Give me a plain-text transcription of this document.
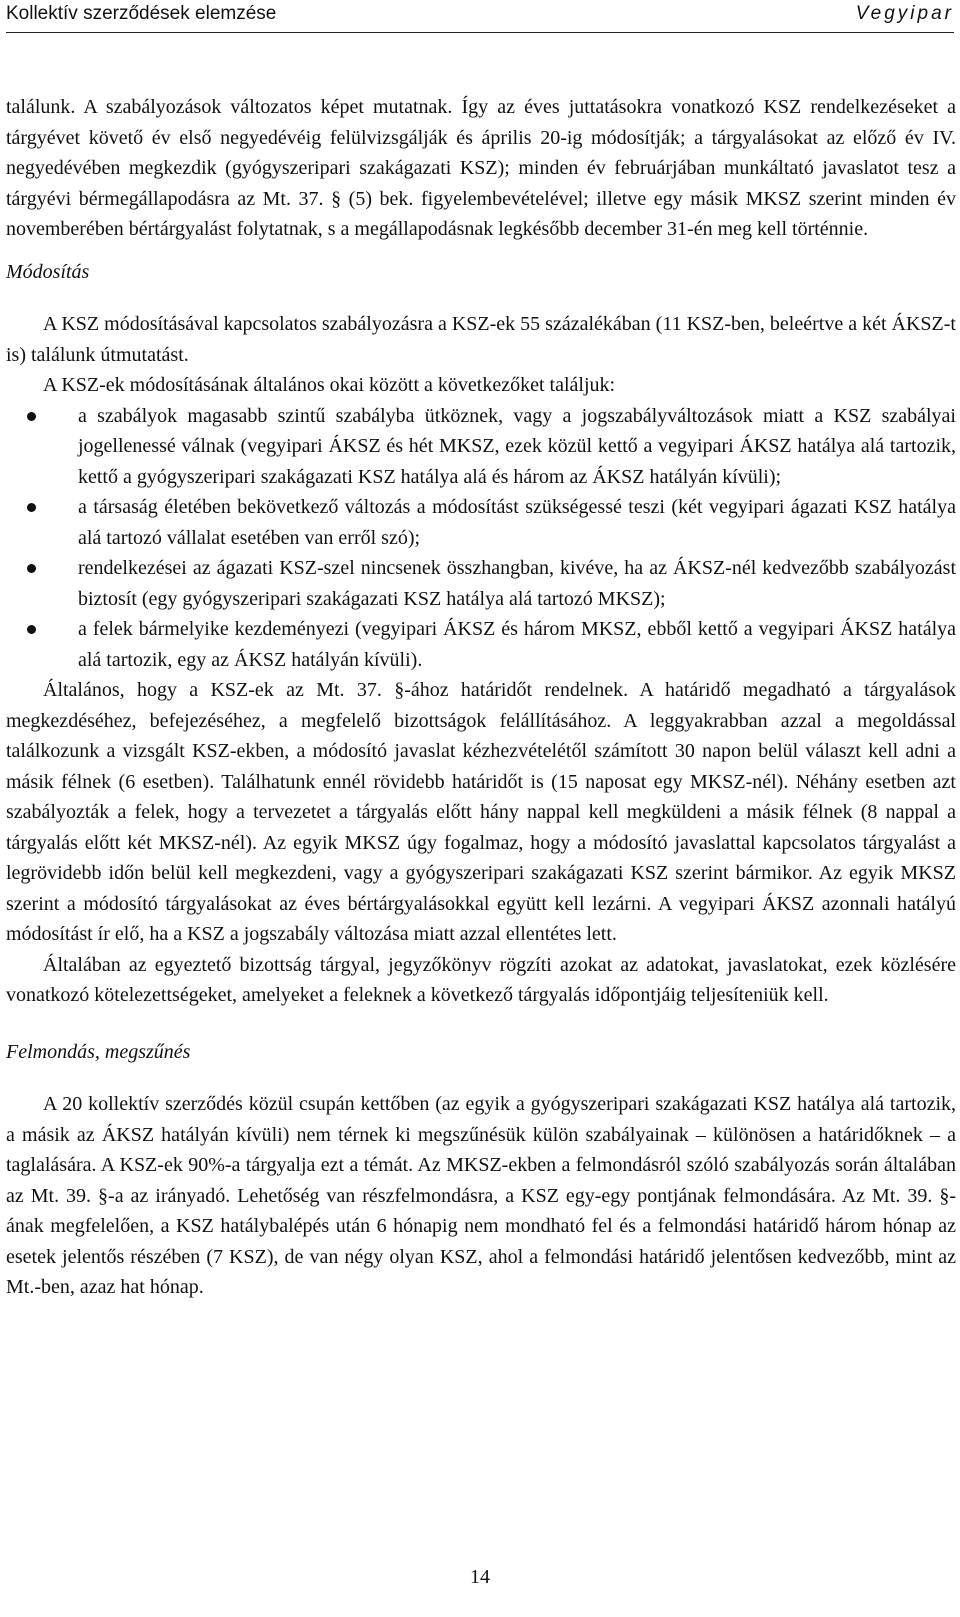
Kollektív szerződések elemzése	Vegyipar

találunk. A szabályozások változatos képet mutatnak. Így az éves juttatásokra vonatkozó KSZ rendelkezéseket a tárgyévet követő év első negyedévéig felülvizsgálják és április 20-ig módosítják; a tárgyalásokat az előző év IV. negyedévében megkezdik (gyógyszeripari szakágazati KSZ); minden év februárjában munkáltató javaslatot tesz a tárgyévi bérmegállapodásra az Mt. 37. § (5) bek. figyelembevételével; illetve egy másik MKSZ szerint minden év novemberében bértárgyalást folytatnak, s a megállapodásnak legkésőbb december 31-én meg kell történnie.

Módosítás

A KSZ módosításával kapcsolatos szabályozásra a KSZ-ek 55 százalékában (11 KSZ-ben, beleértve a két ÁKSZ-t is) találunk útmutatást.

A KSZ-ek módosításának általános okai között a következőket találjuk:

a szabályok magasabb szintű szabályba ütköznek, vagy a jogszabályváltozások miatt a KSZ szabályai jogellenessé válnak (vegyipari ÁKSZ és hét MKSZ, ezek közül kettő a vegyipari ÁKSZ hatálya alá tartozik, kettő a gyógyszeripari szakágazati KSZ hatálya alá és három az ÁKSZ hatályán kívüli);
a társaság életében bekövetkező változás a módosítást szükségessé teszi (két vegyipari ágazati KSZ hatálya alá tartozó vállalat esetében van erről szó);
rendelkezései az ágazati KSZ-szel nincsenek összhangban, kivéve, ha az ÁKSZ-nél kedvezőbb szabályozást biztosít (egy gyógyszeripari szakágazati KSZ hatálya alá tartozó MKSZ);
a felek bármelyike kezdeményezi (vegyipari ÁKSZ és három MKSZ, ebből kettő a vegyipari ÁKSZ hatálya alá tartozik, egy az ÁKSZ hatályán kívüli).

Általános, hogy a KSZ-ek az Mt. 37. §-ához határidőt rendelnek. A határidő megadható a tárgyalások megkezdéséhez, befejezéséhez, a megfelelő bizottságok felállításához. A leggyakrabban azzal a megoldással találkozunk a vizsgált KSZ-ekben, a módosító javaslat kézhezvételétől számított 30 napon belül választ kell adni a másik félnek (6 esetben). Találhatunk ennél rövidebb határidőt is (15 naposat egy MKSZ-nél). Néhány esetben azt szabályozták a felek, hogy a tervezetet a tárgyalás előtt hány nappal kell megküldeni a másik félnek (8 nappal a tárgyalás előtt két MKSZ-nél). Az egyik MKSZ úgy fogalmaz, hogy a módosító javaslattal kapcsolatos tárgyalást a legrövidebb időn belül kell megkezdeni, vagy a gyógyszeripari szakágazati KSZ szerint bármikor. Az egyik MKSZ szerint a módosító tárgyalásokat az éves bértárgyalásokkal együtt kell lezárni. A vegyipari ÁKSZ azonnali hatályú módosítást ír elő, ha a KSZ a jogszabály változása miatt azzal ellentétes lett.

Általában az egyeztető bizottság tárgyal, jegyzőkönyv rögzíti azokat az adatokat, javaslatokat, ezek közlésére vonatkozó kötelezettségeket, amelyeket a feleknek a következő tárgyalás időpontjáig teljesíteniük kell.

Felmondás, megszűnés

A 20 kollektív szerződés közül csupán kettőben (az egyik a gyógyszeripari szakágazati KSZ hatálya alá tartozik, a másik az ÁKSZ hatályán kívüli) nem térnek ki megszűnésük külön szabályainak – különösen a határidőknek – a taglalására. A KSZ-ek 90%-a tárgyalja ezt a témát. Az MKSZ-ekben a felmondásról szóló szabályozás során általában az Mt. 39. §-a az irányadó. Lehetőség van részfelmondásra, a KSZ egy-egy pontjának felmondására. Az Mt. 39. §-ának megfelelően, a KSZ hatálybalépés után 6 hónapig nem mondható fel és a felmondási határidő három hónap az esetek jelentős részében (7 KSZ), de van négy olyan KSZ, ahol a felmondási határidő jelentősen kedvezőbb, mint az Mt.-ben, azaz hat hónap.

14
